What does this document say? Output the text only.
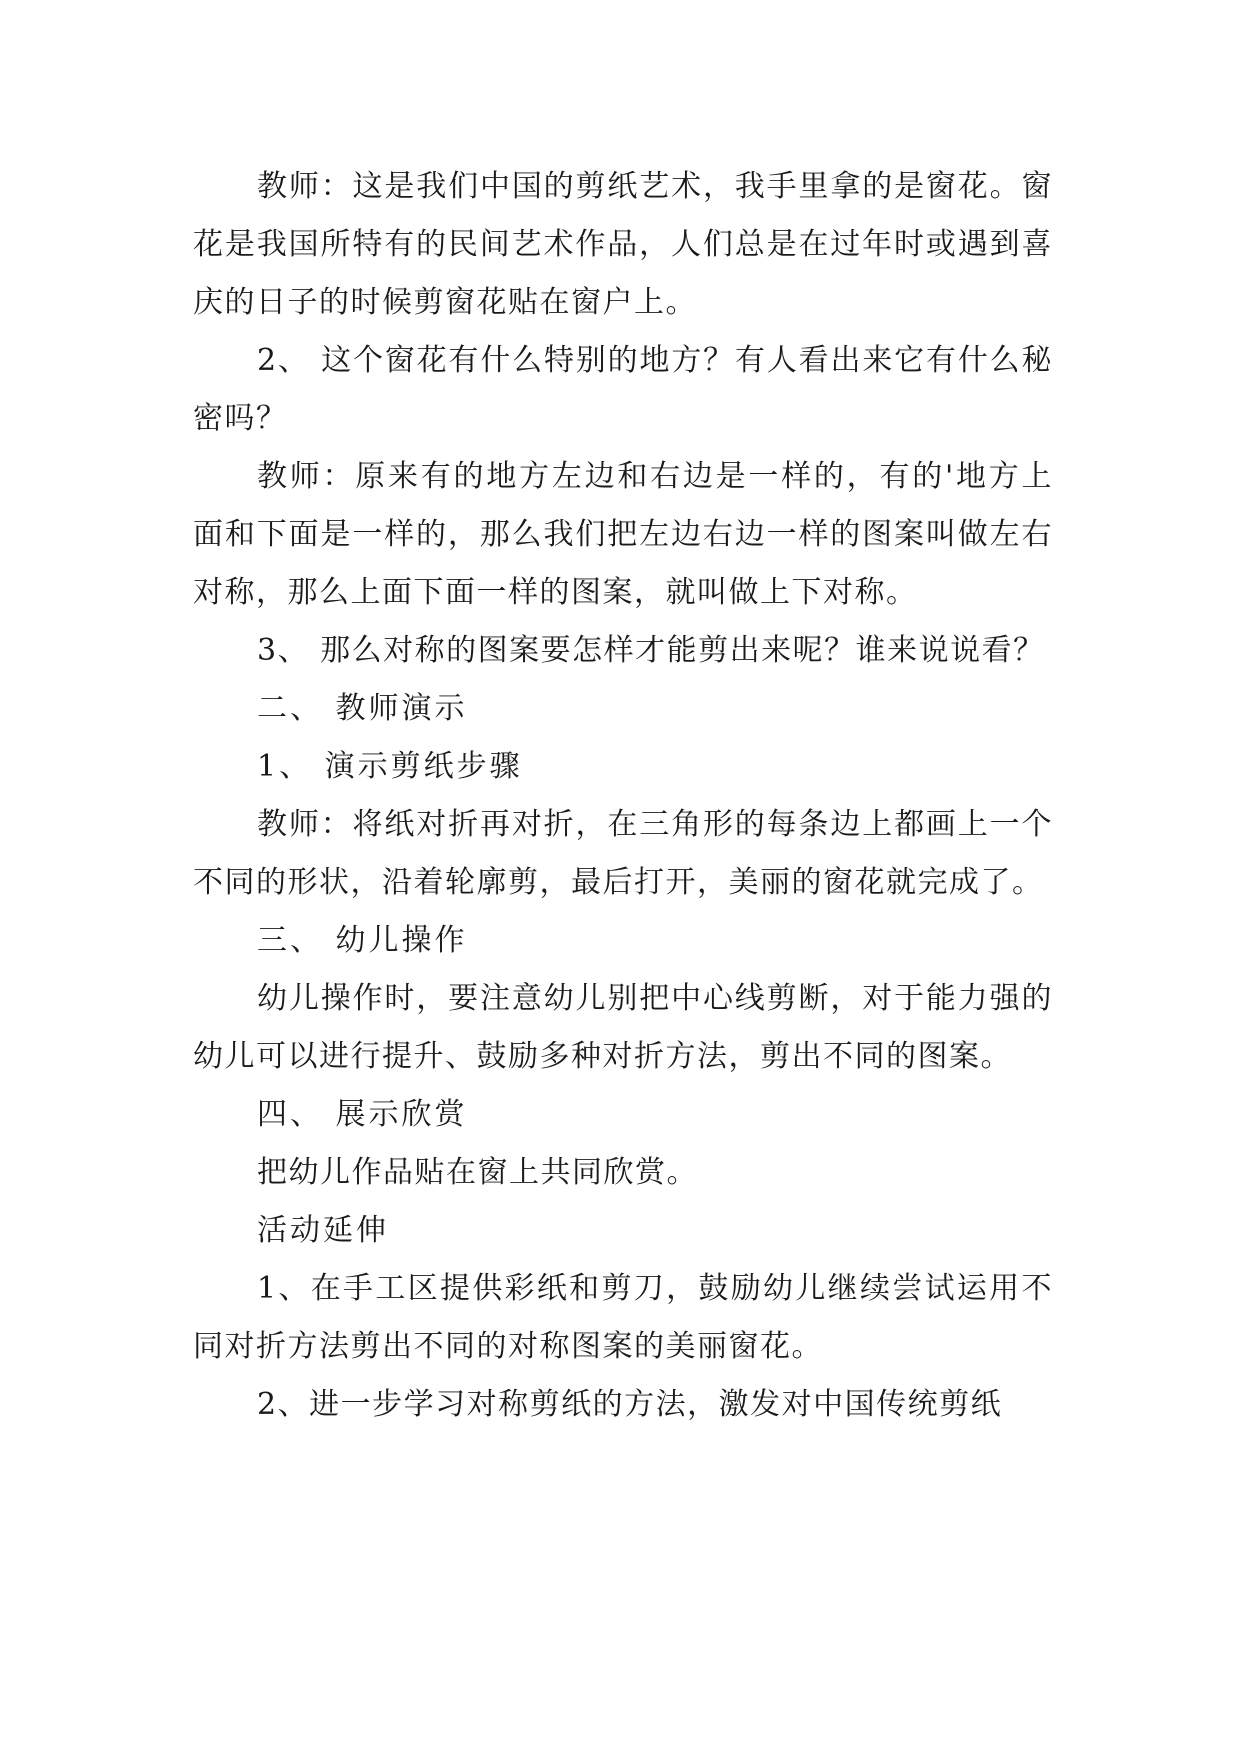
教师：这是我们中国的剪纸艺术，我手里拿的是窗花。窗花是我国所特有的民间艺术作品，人们总是在过年时或遇到喜庆的日子的时候剪窗花贴在窗户上。

2、 这个窗花有什么特别的地方？有人看出来它有什么秘密吗？

教师：原来有的地方左边和右边是一样的，有的'地方上面和下面是一样的，那么我们把左边右边一样的图案叫做左右对称，那么上面下面一样的图案，就叫做上下对称。

3、 那么对称的图案要怎样才能剪出来呢？谁来说说看？

二、 教师演示

1、 演示剪纸步骤

教师：将纸对折再对折，在三角形的每条边上都画上一个不同的形状，沿着轮廓剪，最后打开，美丽的窗花就完成了。

三、 幼儿操作

幼儿操作时，要注意幼儿别把中心线剪断，对于能力强的幼儿可以进行提升、鼓励多种对折方法，剪出不同的图案。

四、 展示欣赏

把幼儿作品贴在窗上共同欣赏。

活动延伸

1、在手工区提供彩纸和剪刀，鼓励幼儿继续尝试运用不同对折方法剪出不同的对称图案的美丽窗花。

2、进一步学习对称剪纸的方法，激发对中国传统剪纸
